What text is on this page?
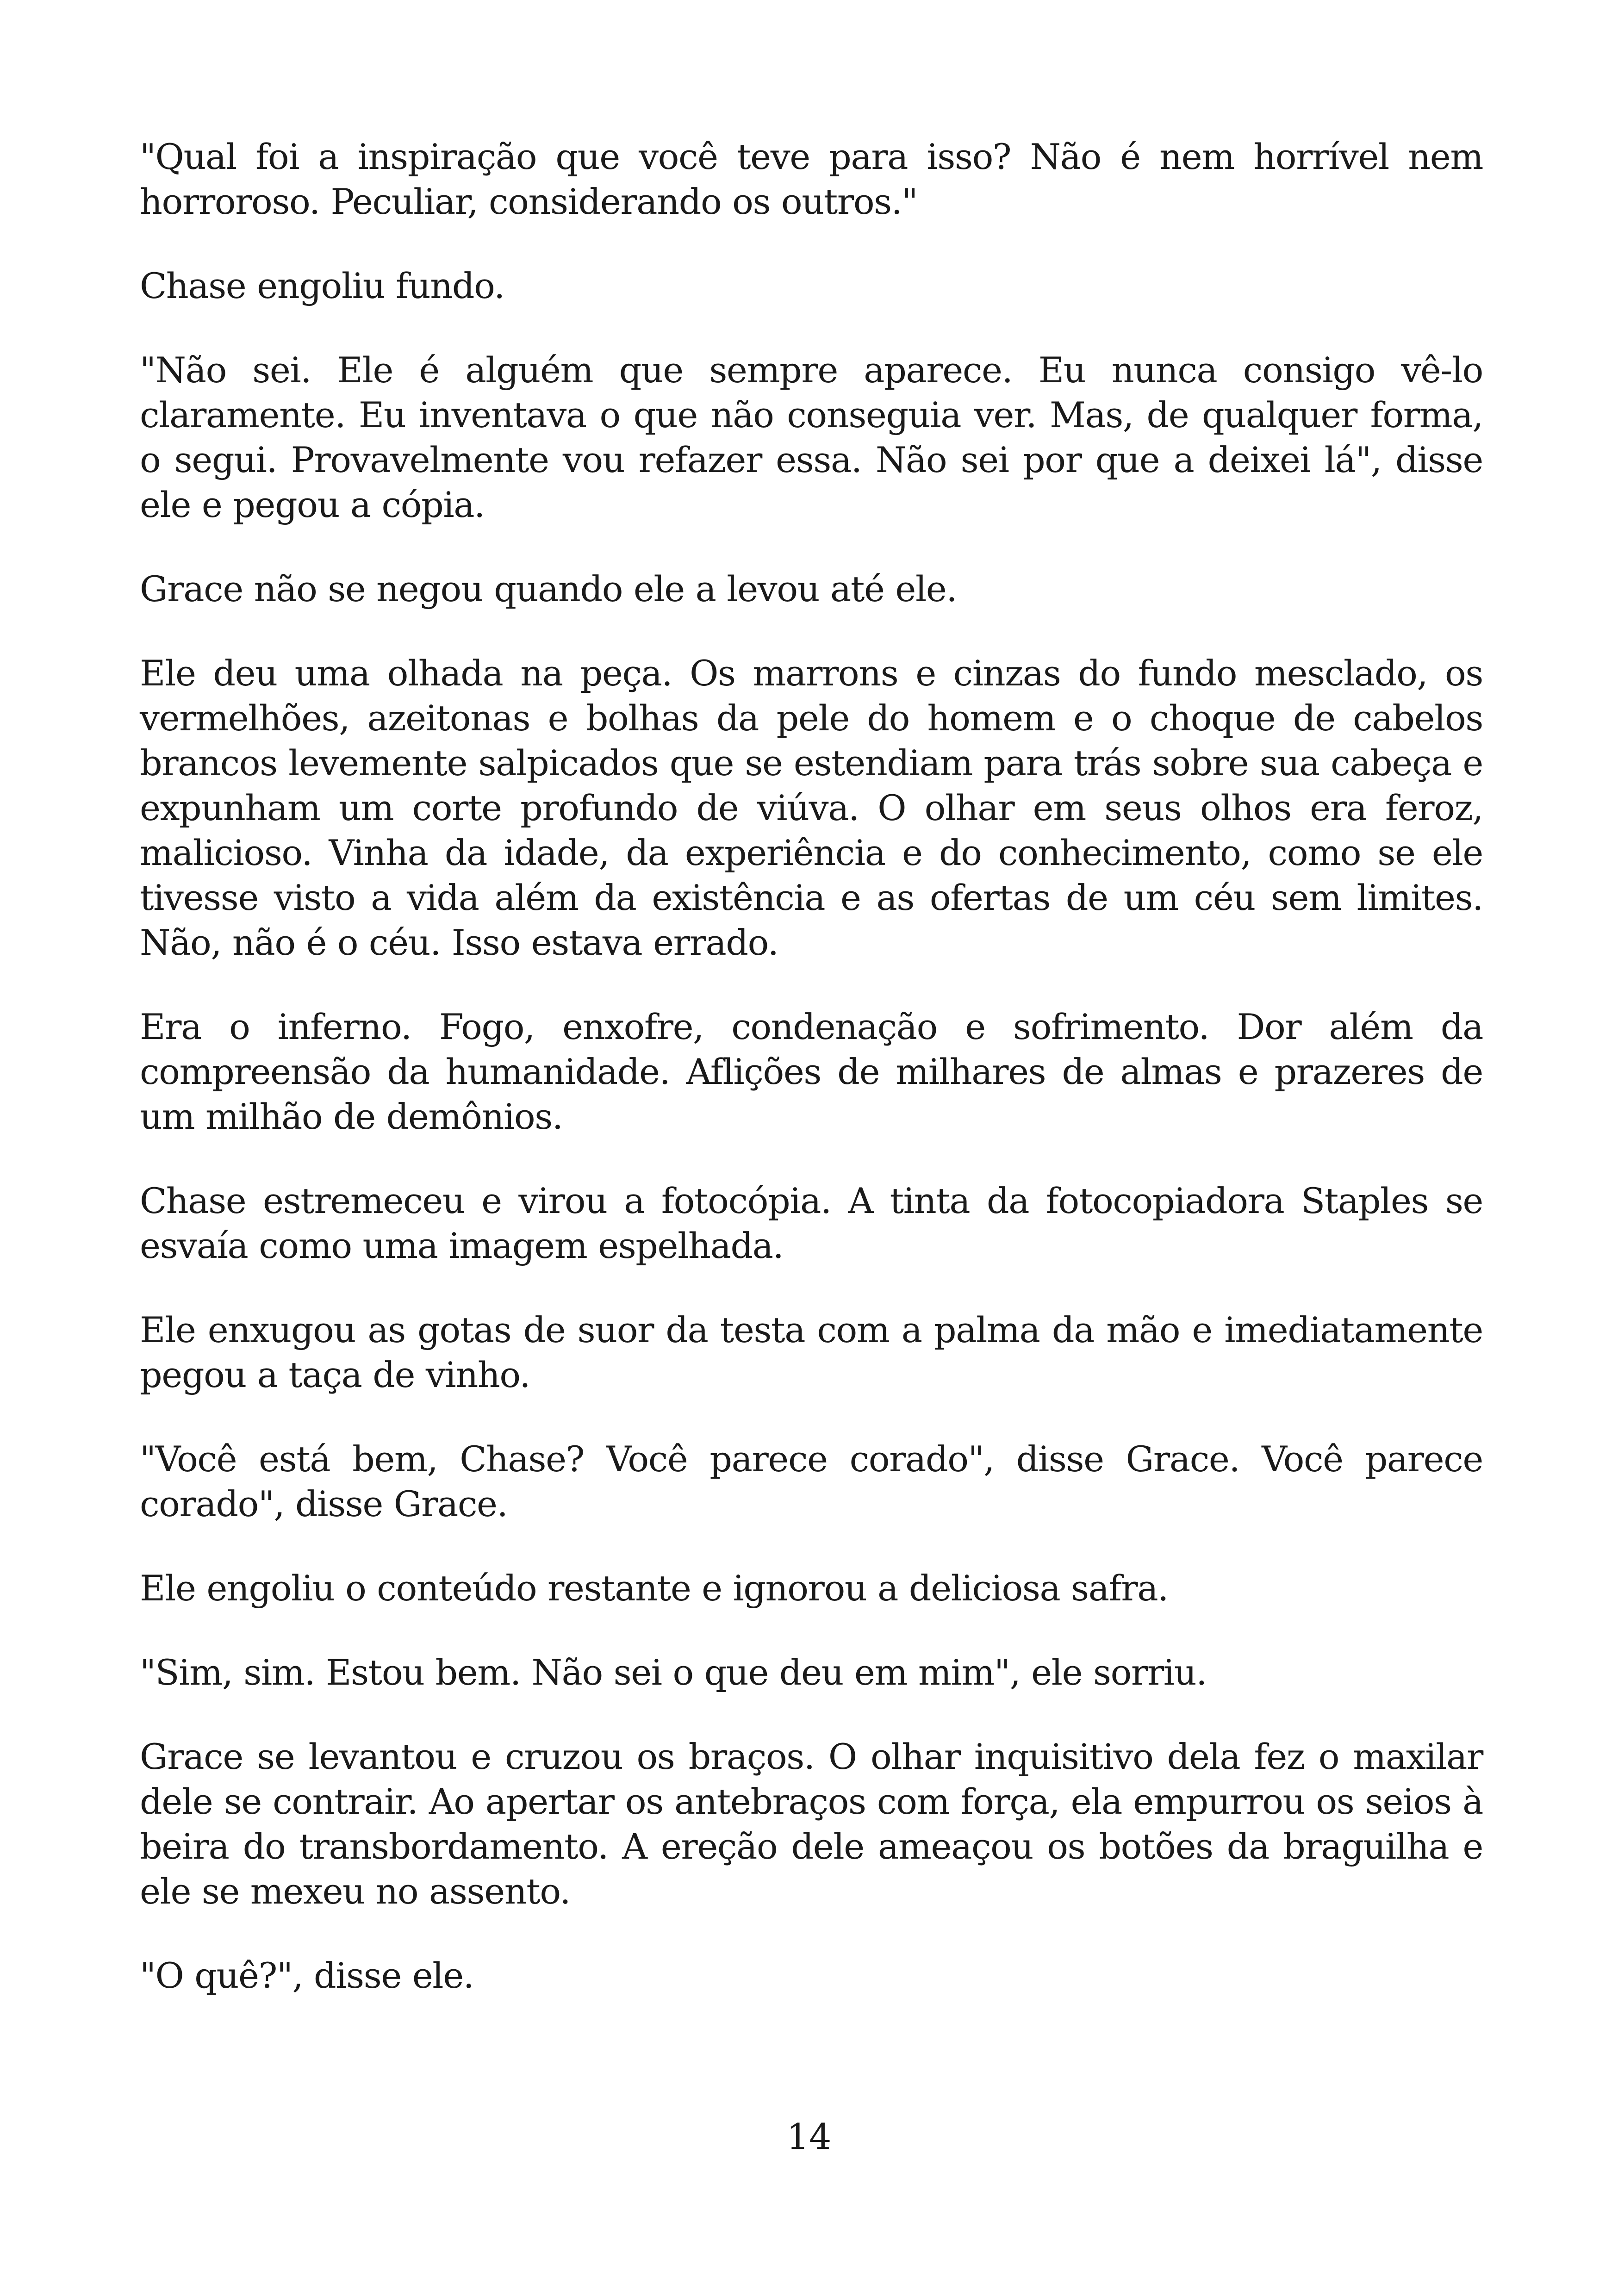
"Qual foi a inspiração que você teve para isso? Não é nem horrível nem horroroso. Peculiar, considerando os outros."

Chase engoliu fundo.

"Não sei. Ele é alguém que sempre aparece. Eu nunca consigo vê-lo claramente. Eu inventava o que não conseguia ver. Mas, de qualquer forma, o segui. Provavelmente vou refazer essa. Não sei por que a deixei lá", disse ele e pegou a cópia.

Grace não se negou quando ele a levou até ele.

Ele deu uma olhada na peça. Os marrons e cinzas do fundo mesclado, os vermelhões, azeitonas e bolhas da pele do homem e o choque de cabelos brancos levemente salpicados que se estendiam para trás sobre sua cabeça e expunham um corte profundo de viúva. O olhar em seus olhos era feroz, malicioso. Vinha da idade, da experiência e do conhecimento, como se ele tivesse visto a vida além da existência e as ofertas de um céu sem limites. Não, não é o céu. Isso estava errado.

Era o inferno. Fogo, enxofre, condenação e sofrimento. Dor além da compreensão da humanidade. Aflições de milhares de almas e prazeres de um milhão de demônios.

Chase estremeceu e virou a fotocópia. A tinta da fotocopiadora Staples se esvaía como uma imagem espelhada.

Ele enxugou as gotas de suor da testa com a palma da mão e imediatamente pegou a taça de vinho.

"Você está bem, Chase? Você parece corado", disse Grace. Você parece corado", disse Grace.

Ele engoliu o conteúdo restante e ignorou a deliciosa safra.

"Sim, sim. Estou bem. Não sei o que deu em mim", ele sorriu.

Grace se levantou e cruzou os braços. O olhar inquisitivo dela fez o maxilar dele se contrair. Ao apertar os antebraços com força, ela empurrou os seios à beira do transbordamento. A ereção dele ameaçou os botões da braguilha e ele se mexeu no assento.

"O quê?", disse ele.

14
